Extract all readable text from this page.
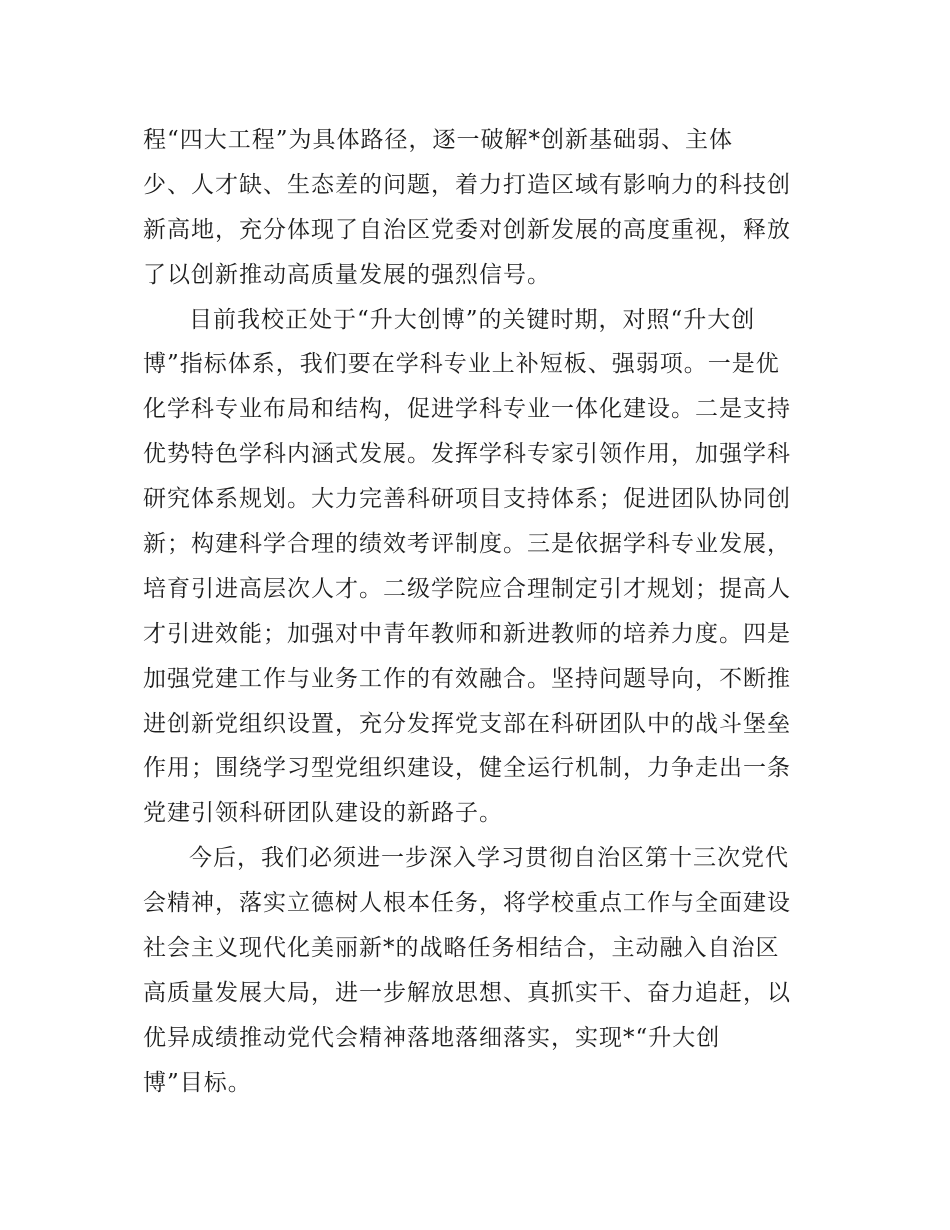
程“四大工程”为具体路径，逐一破解*创新基础弱、主体
少、人才缺、生态差的问题，着力打造区域有影响力的科技创
新高地，充分体现了自治区党委对创新发展的高度重视，释放
了以创新推动高质量发展的强烈信号。
目前我校正处于“升大创博”的关键时期，对照“升大创
博”指标体系，我们要在学科专业上补短板、强弱项。一是优
化学科专业布局和结构，促进学科专业一体化建设。二是支持
优势特色学科内涵式发展。发挥学科专家引领作用，加强学科
研究体系规划。大力完善科研项目支持体系；促进团队协同创
新；构建科学合理的绩效考评制度。三是依据学科专业发展，
培育引进高层次人才。二级学院应合理制定引才规划；提高人
才引进效能；加强对中青年教师和新进教师的培养力度。四是
加强党建工作与业务工作的有效融合。坚持问题导向，不断推
进创新党组织设置，充分发挥党支部在科研团队中的战斗堡垒
作用；围绕学习型党组织建设，健全运行机制，力争走出一条
党建引领科研团队建设的新路子。
今后，我们必须进一步深入学习贯彻自治区第十三次党代
会精神，落实立德树人根本任务，将学校重点工作与全面建设
社会主义现代化美丽新*的战略任务相结合，主动融入自治区
高质量发展大局，进一步解放思想、真抓实干、奋力追赶，以
优异成绩推动党代会精神落地落细落实，实现*“升大创
博”目标。
